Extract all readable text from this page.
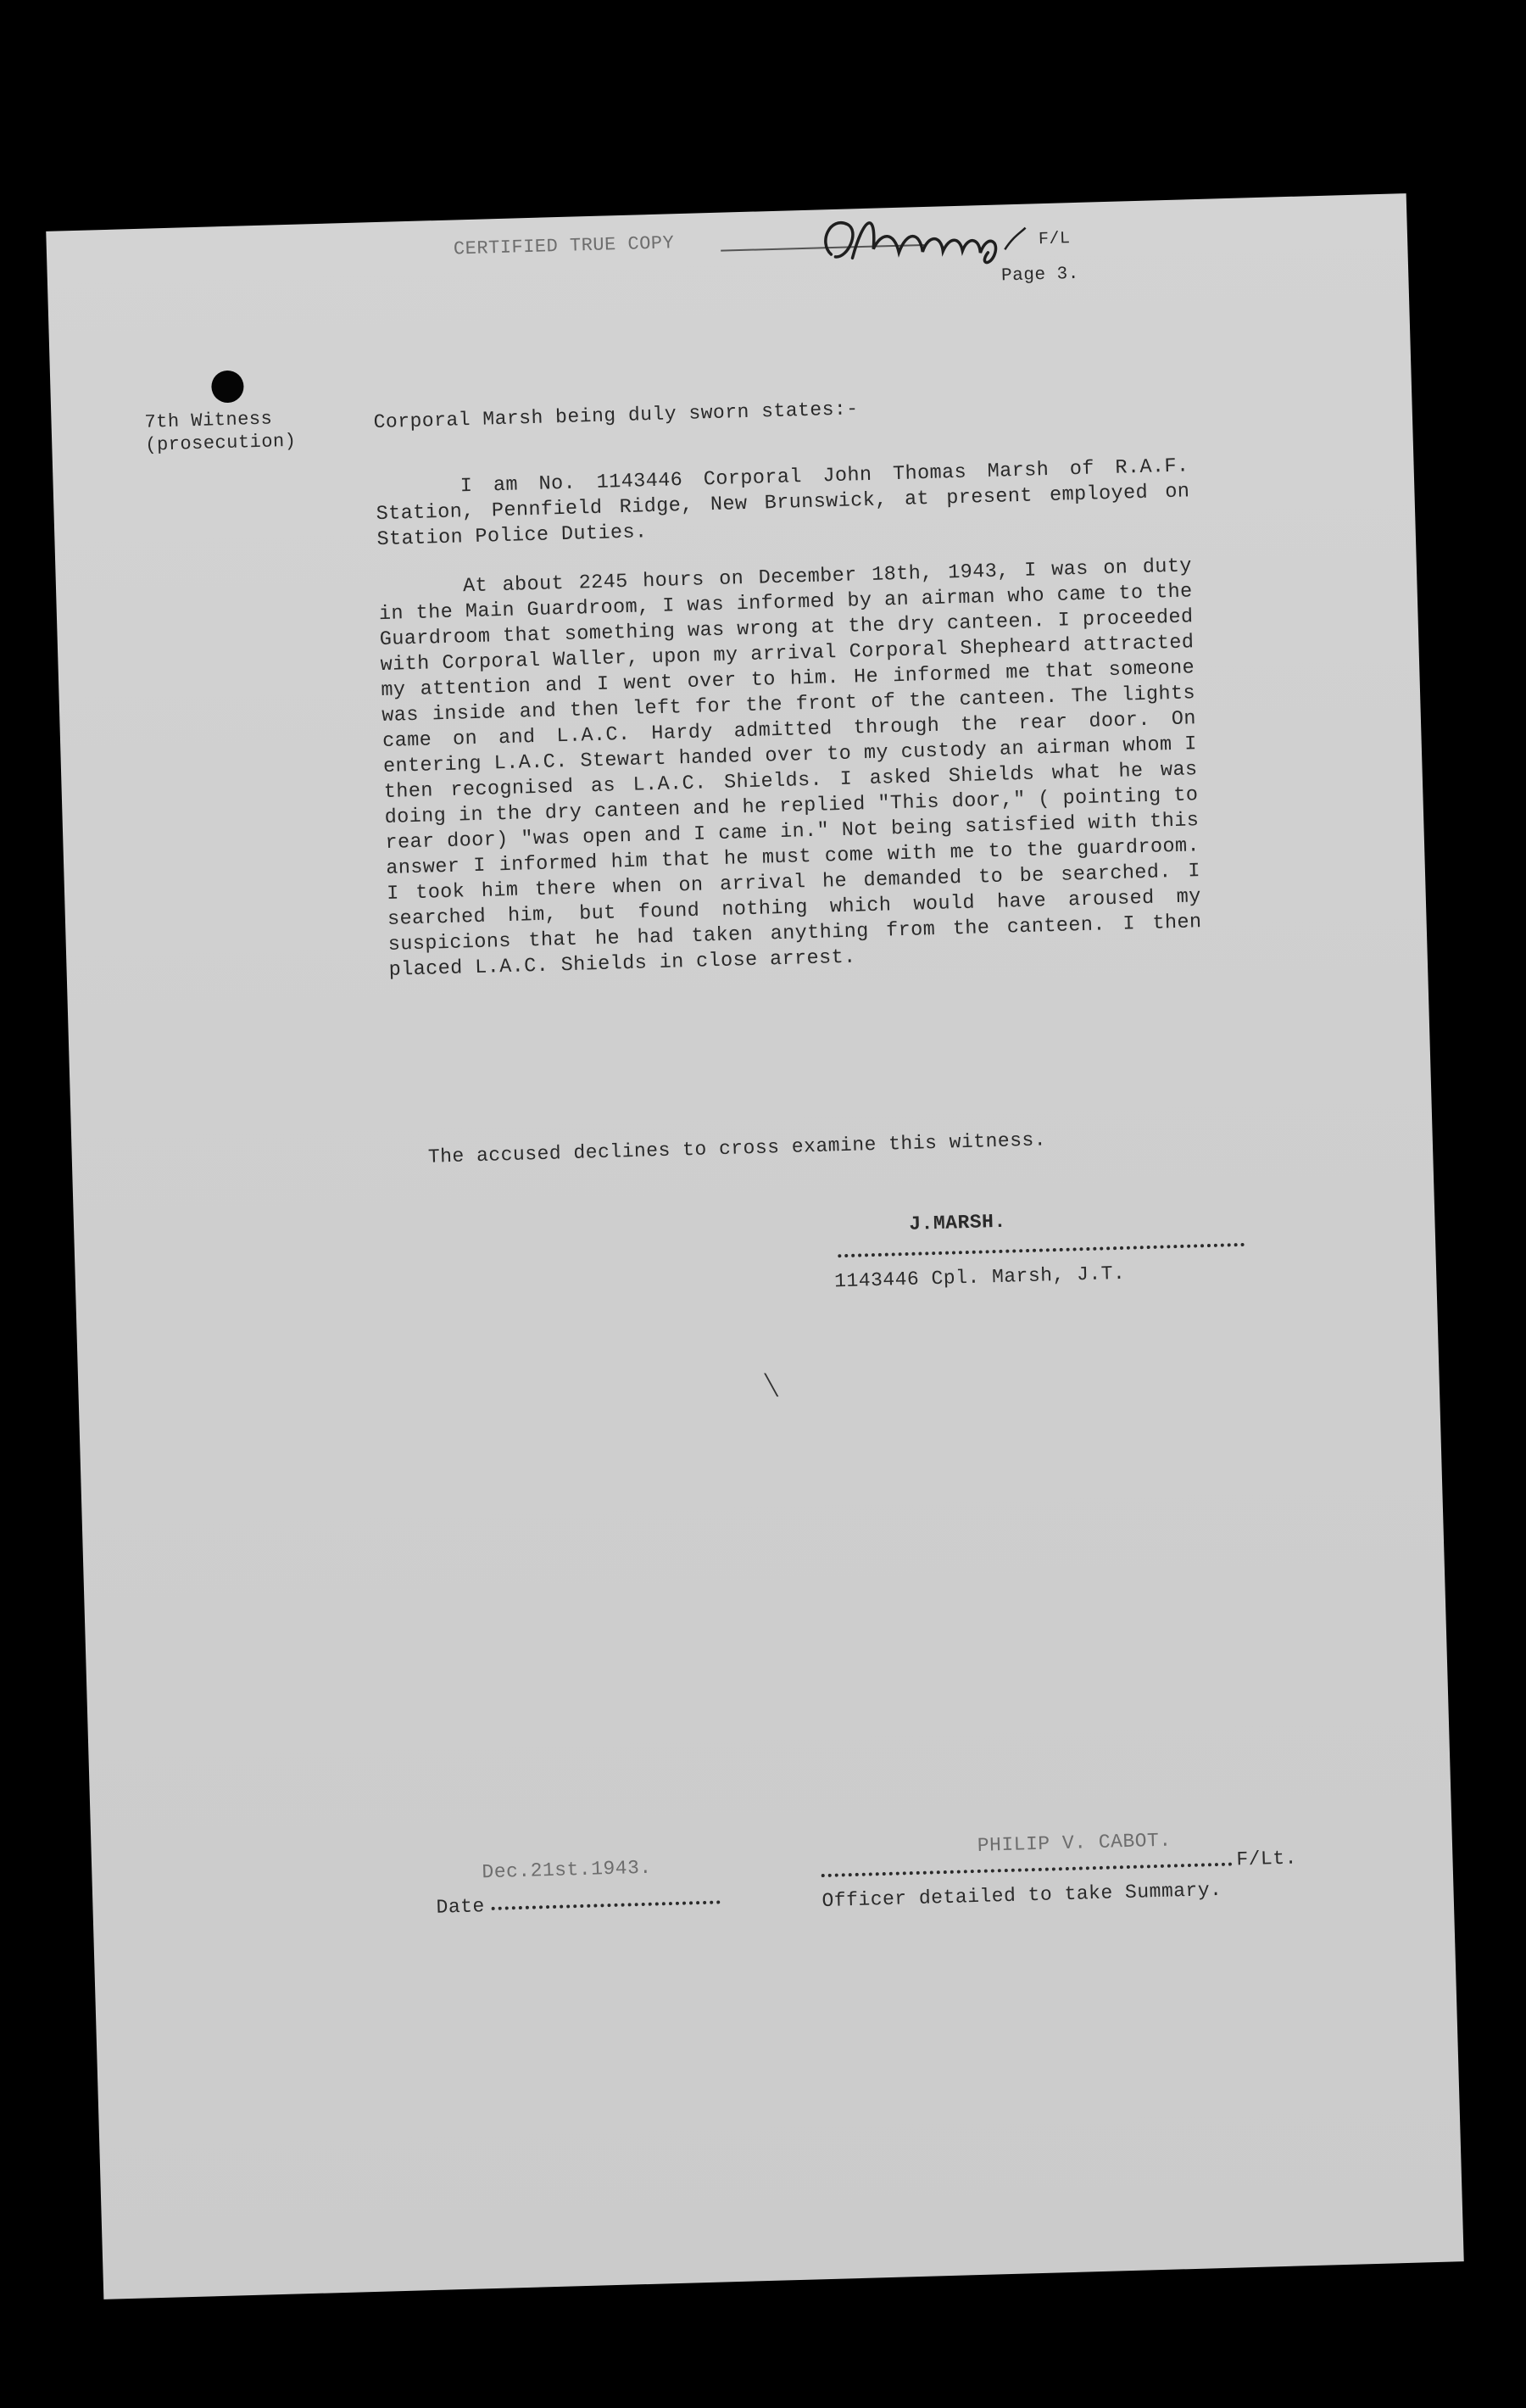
CERTIFIED TRUE COPY	F/L
Page 3.
7th Witness
(prosecution)
Corporal Marsh being duly sworn states:-

I am No. 1143446 Corporal John Thomas Marsh of R.A.F. Station, Pennfield Ridge, New Brunswick, at present employed on Station Police Duties.

At about 2245 hours on December 18th, 1943, I was on duty in the Main Guardroom, I was informed by an airman who came to the Guardroom that something was wrong at the dry canteen. I proceeded with Corporal Waller, upon my arrival Corporal Shepheard attracted my attention and I went over to him. He informed me that someone was inside and then left for the front of the canteen. The lights came on and L.A.C. Hardy admitted through the rear door. On entering L.A.C. Stewart handed over to my custody an airman whom I then recognised as L.A.C. Shields. I asked Shields what he was doing in the dry canteen and he replied "This door," ( pointing to rear door) "was open and I came in." Not being satisfied with this answer I informed him that he must come with me to the guardroom. I took him there when on arrival he demanded to be searched. I searched him, but found nothing which would have aroused my suspicions that he had taken anything from the canteen. I then placed L.A.C. Shields in close arrest.

The accused declines to cross examine this witness.
J.MARSH.
1143446 Cpl. Marsh, J.T.
╲
Dec.21st.1943.
Date
PHILIP V. CABOT.
F/Lt.
Officer detailed to take Summary.
